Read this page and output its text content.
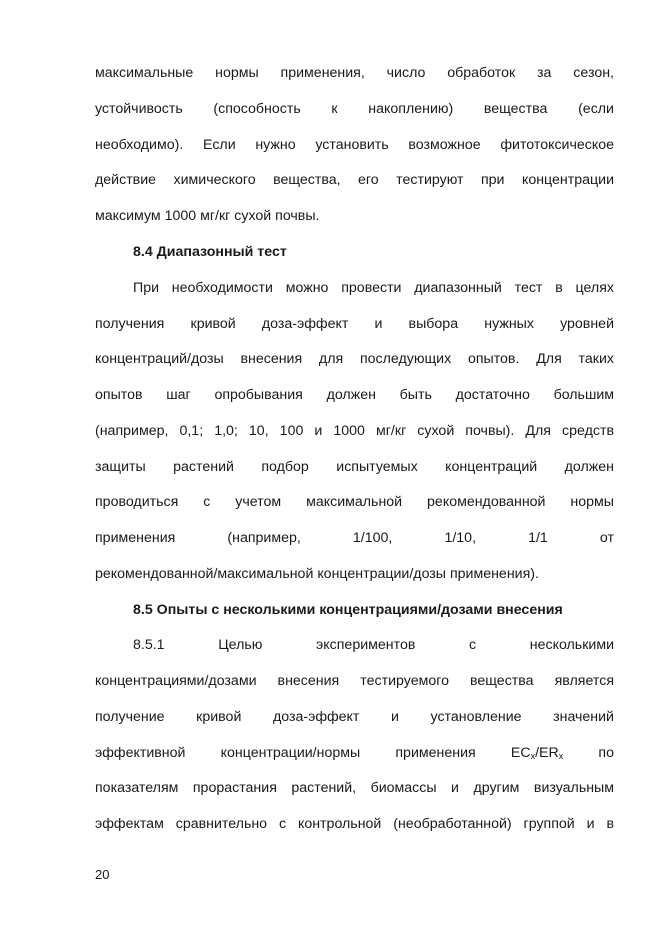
максимальные нормы применения, число обработок за сезон,
устойчивость (способность к накоплению) вещества (если
необходимо). Если нужно установить возможное фитотоксическое
действие химического вещества, его тестируют при концентрации
максимум 1000 мг/кг сухой почвы.
8.4 Диапазонный тест
При необходимости можно провести диапазонный тест в целях
получения кривой доза-эффект и выбора нужных уровней
концентраций/дозы внесения для последующих опытов. Для таких
опытов шаг опробывания должен быть достаточно большим
(например, 0,1; 1,0; 10, 100 и 1000 мг/кг сухой почвы). Для средств
защиты растений подбор испытуемых концентраций должен
проводиться с учетом максимальной рекомендованной нормы
применения (например, 1/100, 1/10, 1/1 от
рекомендованной/максимальной концентрации/дозы применения).
8.5 Опыты с несколькими концентрациями/дозами внесения
8.5.1 Целью экспериментов с несколькими
концентрациями/дозами внесения тестируемого вещества является
получение кривой доза-эффект и установление значений
эффективной концентрации/нормы применения $EC_x/ER_x$ по
показателям прорастания растений, биомассы и другим визуальным
эффектам сравнительно с контрольной (необработанной) группой и в
20
